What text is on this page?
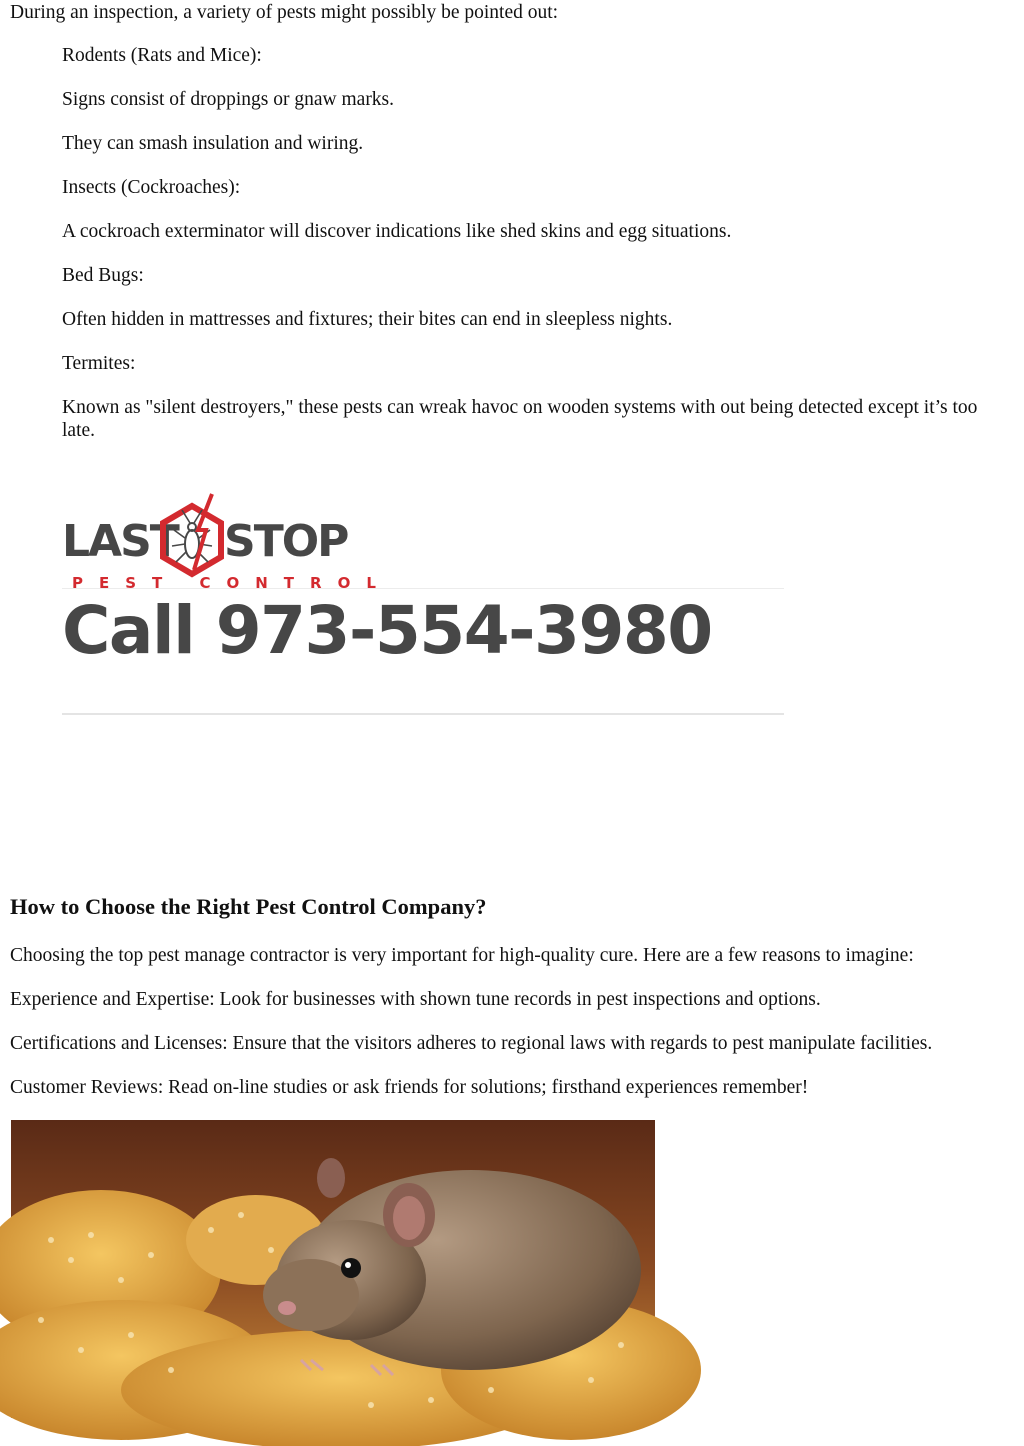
During an inspection, a variety of pests might possibly be pointed out:

Rodents (Rats and Mice):

Signs consist of droppings or gnaw marks.

They can smash insulation and wiring.

Insects (Cockroaches):

A cockroach exterminator will discover indications like shed skins and egg situations.

Bed Bugs:

Often hidden in mattresses and fixtures; their bites can end in sleepless nights.

Termites:

Known as "silent destroyers," these pests can wreak havoc on wooden systems with out being detected except it’s too late.

LAST STOP
PEST CONTROL
Call 973-554-3980
How to Choose the Right Pest Control Company?

Choosing the top pest manage contractor is very important for high-quality cure. Here are a few reasons to imagine:

Experience and Expertise: Look for businesses with shown tune records in pest inspections and options.

Certifications and Licenses: Ensure that the visitors adheres to regional laws with regards to pest manipulate facilities.

Customer Reviews: Read on-line studies or ask friends for solutions; firsthand experiences remember!
